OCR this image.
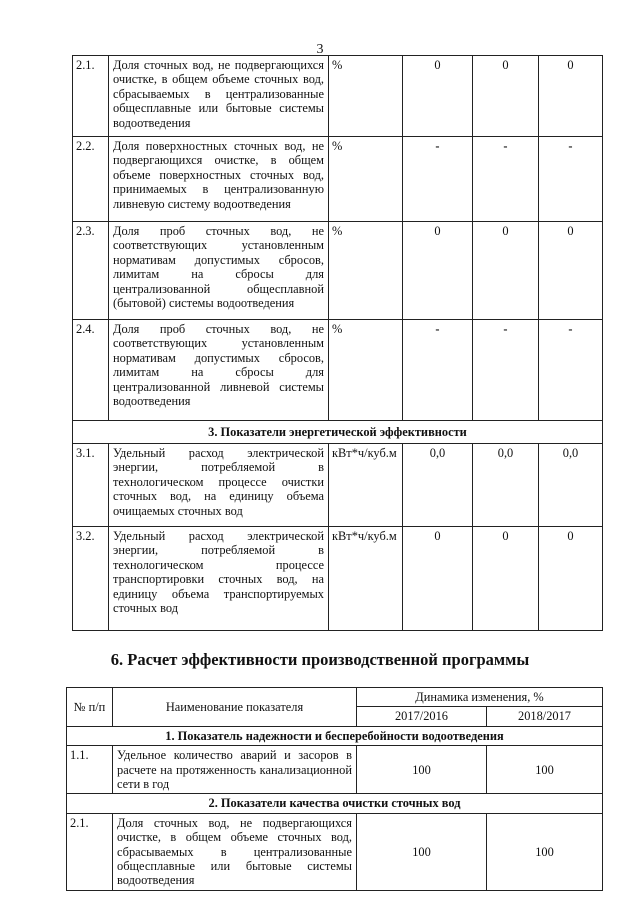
3
2.1.	Доля сточных вод, не подвергающихся очистке, в общем объеме сточных вод, сбрасываемых в централизованные общесплавные или бытовые системы водоотведения	%	0	0	0
2.2.	Доля поверхностных сточных вод, не подвергающихся очистке, в общем объеме поверхностных сточных вод, принимаемых в централизованную ливневую систему водоотведения	%	-	-	-
2.3.	Доля проб сточных вод, не соответствующих установленным нормативам допустимых сбросов, лимитам на сбросы для централизованной общесплавной (бытовой) системы водоотведения	%	0	0	0
2.4.	Доля проб сточных вод, не соответствующих установленным нормативам допустимых сбросов, лимитам на сбросы для централизованной ливневой системы водоотведения	%	-	-	-
3. Показатели энергетической эффективности					
3.1.	Удельный расход электрической энергии, потребляемой в технологическом процессе очистки сточных вод, на единицу объема очищаемых сточных вод	кВт*ч/куб.м	0,0	0,0	0,0
3.2.	Удельный расход электрической энергии, потребляемой в технологическом процессе транспортировки сточных вод, на единицу объема транспортируемых сточных вод	кВт*ч/куб.м	0	0	0
6. Расчет эффективности производственной программы
№ п/п	Наименование показателя	Динамика изменения, %	
		2017/2016	2018/2017
1. Показатель надежности и бесперебойности водоотведения			
1.1.	Удельное количество аварий и засоров в расчете на протяженность канализационной сети в год	100	100
2. Показатели качества очистки сточных вод			
2.1.	Доля сточных вод, не подвергающихся очистке, в общем объеме сточных вод, сбрасываемых в централизованные общесплавные или бытовые системы водоотведения	100	100
